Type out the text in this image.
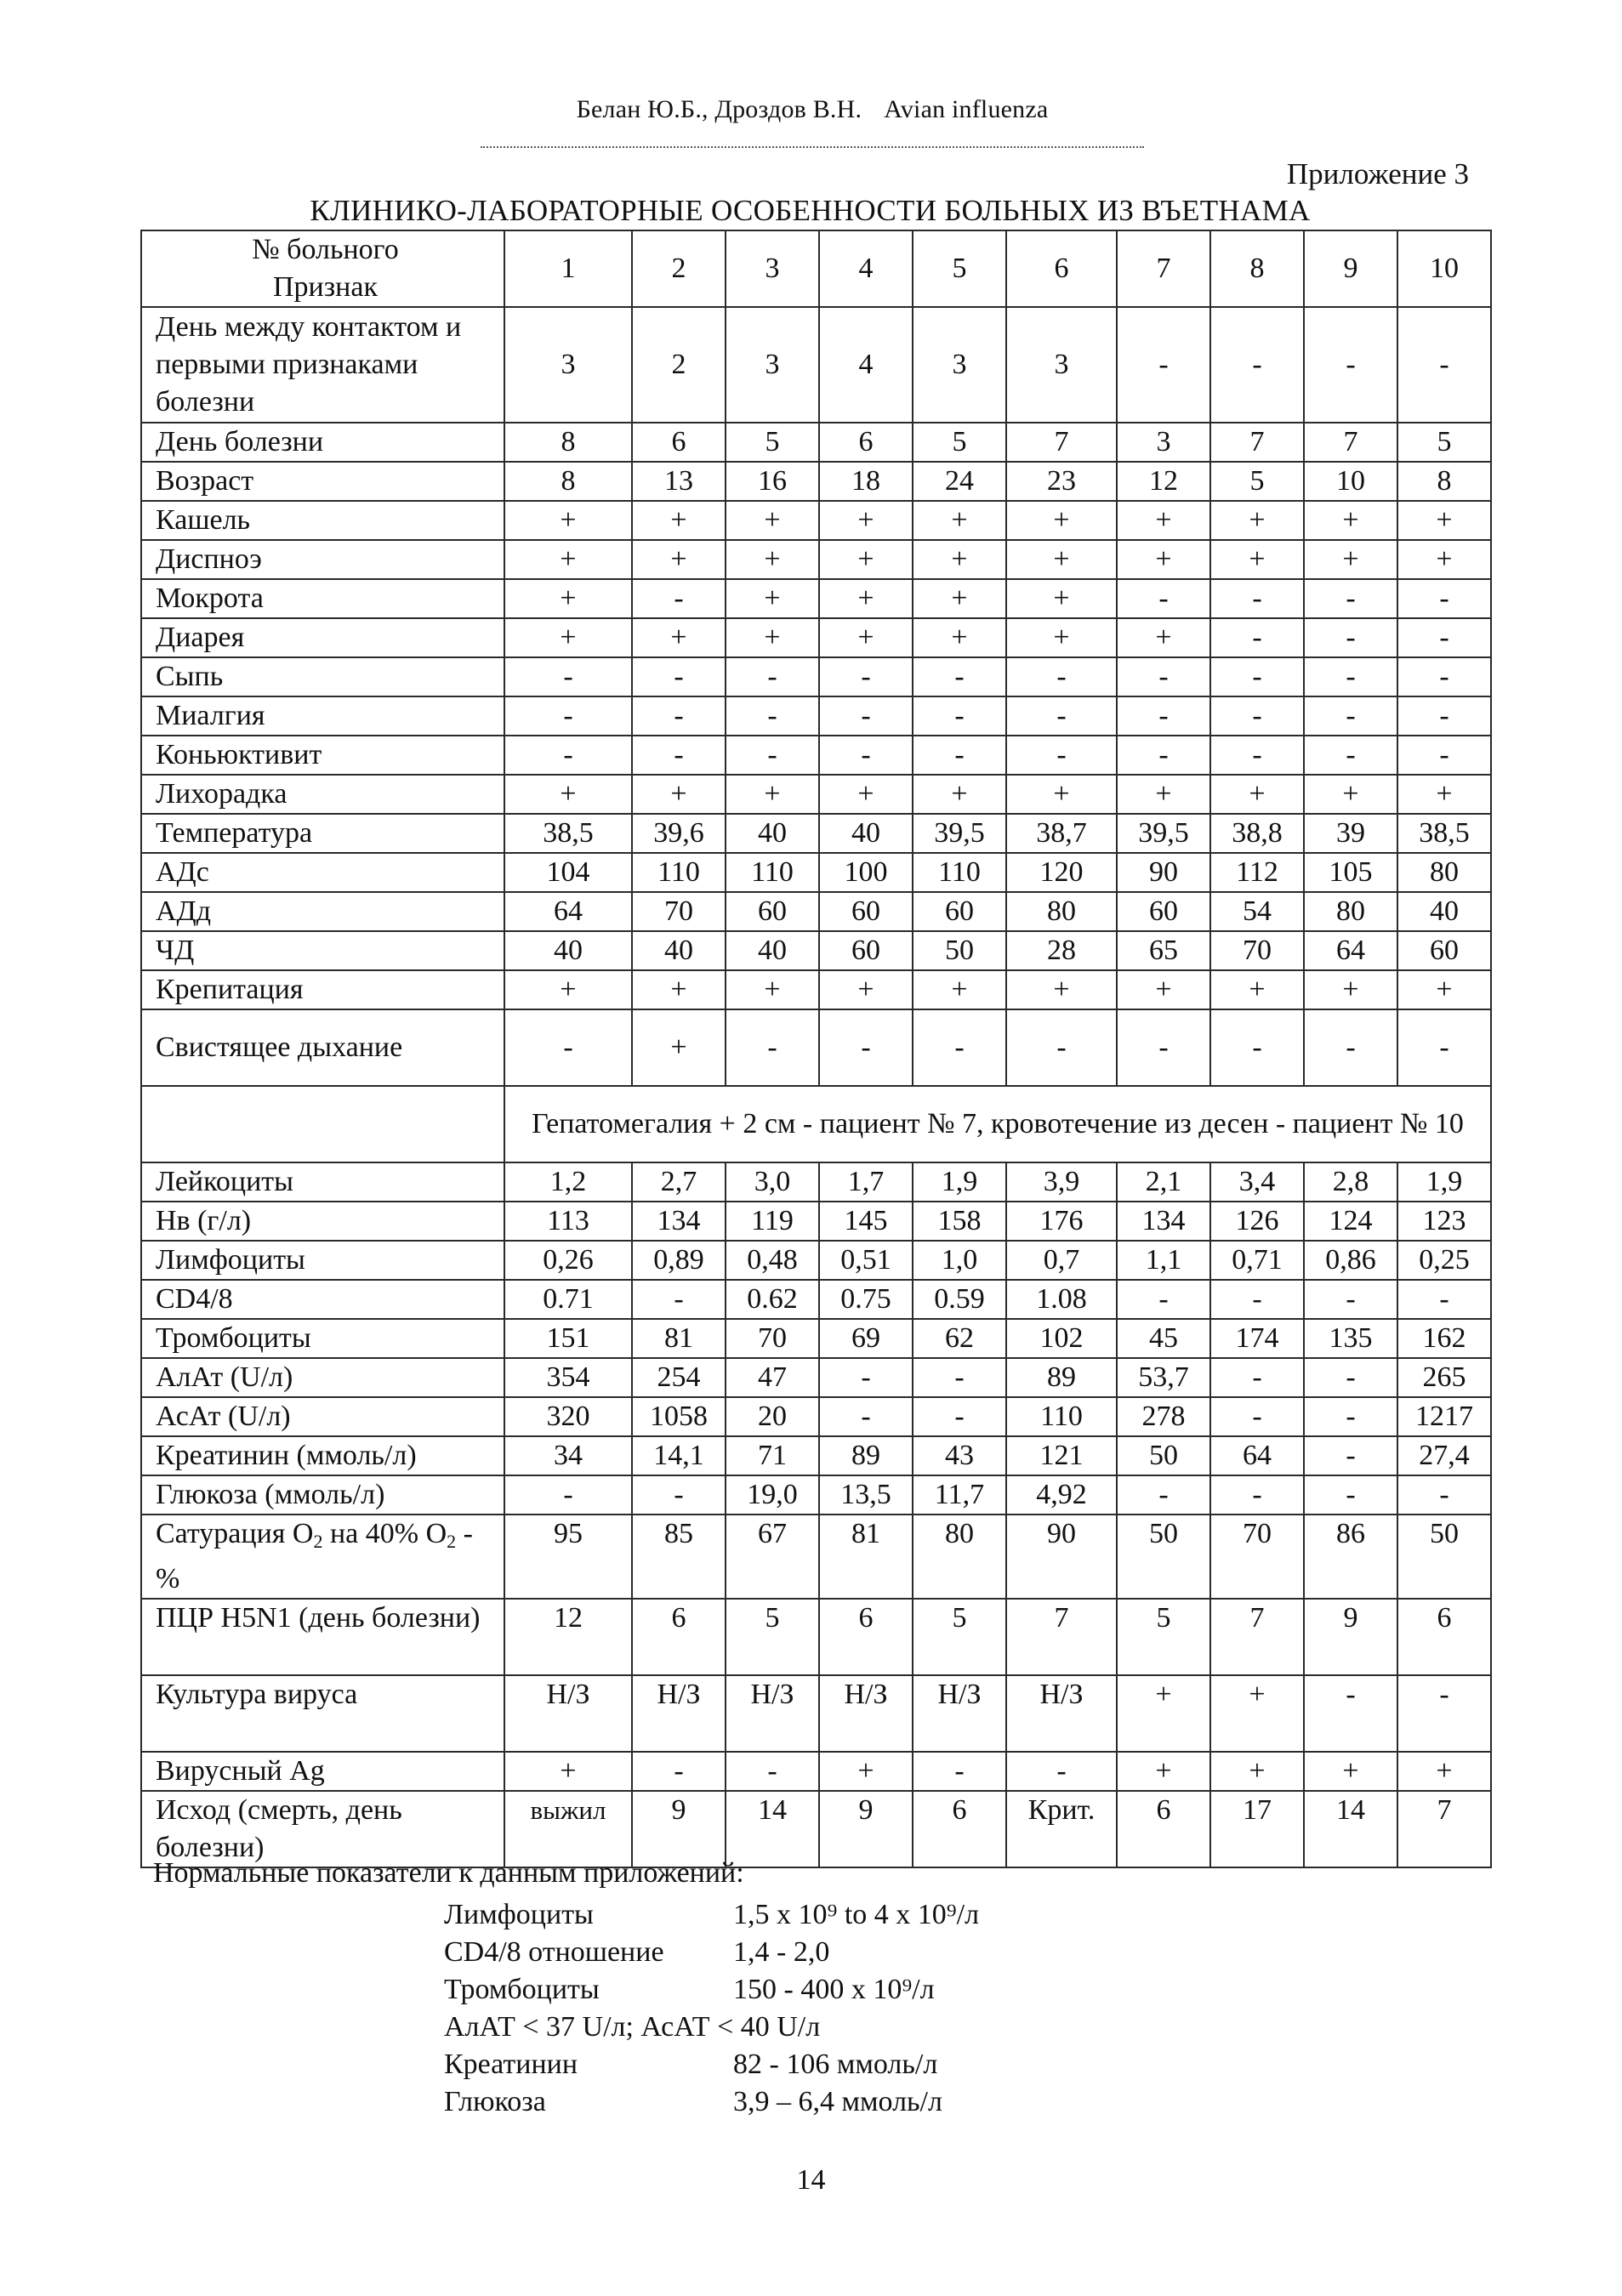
Белан Ю.Б., Дроздов В.Н. Avian influenza
Приложение 3
КЛИНИКО-ЛАБОРАТОРНЫЕ ОСОБЕННОСТИ БОЛЬНЫХ ИЗ ВЪЕТНАМА
№ больного
Признак	1	2	3	4	5	6	7	8	9	10
День между контактом и первыми признаками болезни	3	2	3	4	3	3	-	-	-	-
День болезни	8	6	5	6	5	7	3	7	7	5
Возраст	8	13	16	18	24	23	12	5	10	8
Кашель	+	+	+	+	+	+	+	+	+	+
Диспноэ	+	+	+	+	+	+	+	+	+	+
Мокрота	+	-	+	+	+	+	-	-	-	-
Диарея	+	+	+	+	+	+	+	-	-	-
Сыпь	-	-	-	-	-	-	-	-	-	-
Миалгия	-	-	-	-	-	-	-	-	-	-
Коньюктивит	-	-	-	-	-	-	-	-	-	-
Лихорадка	+	+	+	+	+	+	+	+	+	+
Температура	38,5	39,6	40	40	39,5	38,7	39,5	38,8	39	38,5
АДс	104	110	110	100	110	120	90	112	105	80
АДд	64	70	60	60	60	80	60	54	80	40
ЧД	40	40	40	60	50	28	65	70	64	60
Крепитация	+	+	+	+	+	+	+	+	+	+
Свистящее дыхание	-	+	-	-	-	-	-	-	-	-
	Гепатомегалия + 2 см - пациент № 7, кровотечение из десен - пациент № 10									
Лейкоциты	1,2	2,7	3,0	1,7	1,9	3,9	2,1	3,4	2,8	1,9
Нв (г/л)	113	134	119	145	158	176	134	126	124	123
Лимфоциты	0,26	0,89	0,48	0,51	1,0	0,7	1,1	0,71	0,86	0,25
CD4/8	0.71	-	0.62	0.75	0.59	1.08	-	-	-	-
Тромбоциты	151	81	70	69	62	102	45	174	135	162
АлАт (U/л)	354	254	47	-	-	89	53,7	-	-	265
АсАт (U/л)	320	1058	20	-	-	110	278	-	-	1217
Креатинин (ммоль/л)	34	14,1	71	89	43	121	50	64	-	27,4
Глюкоза (ммоль/л)	-	-	19,0	13,5	11,7	4,92	-	-	-	-
Сатурация $О_2$ на 40% $О_2$ -%	95	85	67	81	80	90	50	70	86	50
ПЦР H5N1 (день болезни)	12	6	5	6	5	7	5	7	9	6
Культура вируса	Н/З	Н/З	Н/З	Н/З	Н/З	Н/З	+	+	-	-
Вирусный Ag	+	-	-	+	-	-	+	+	+	+
Исход (смерть, день болезни)	выжил	9	14	9	6	Крит.	6	17	14	7
Нормальные показатели к данным приложений:
Лимфоциты	1,5 x 10⁹ to 4 x 10⁹/л
CD4/8 отношение	1,4 - 2,0
Тромбоциты	150 - 400 x 10⁹/л
АлАТ < 37 U/л; АсАТ < 40 U/л
Креатинин	82 - 106 ммоль/л
Глюкоза	3,9 – 6,4 ммоль/л
14
